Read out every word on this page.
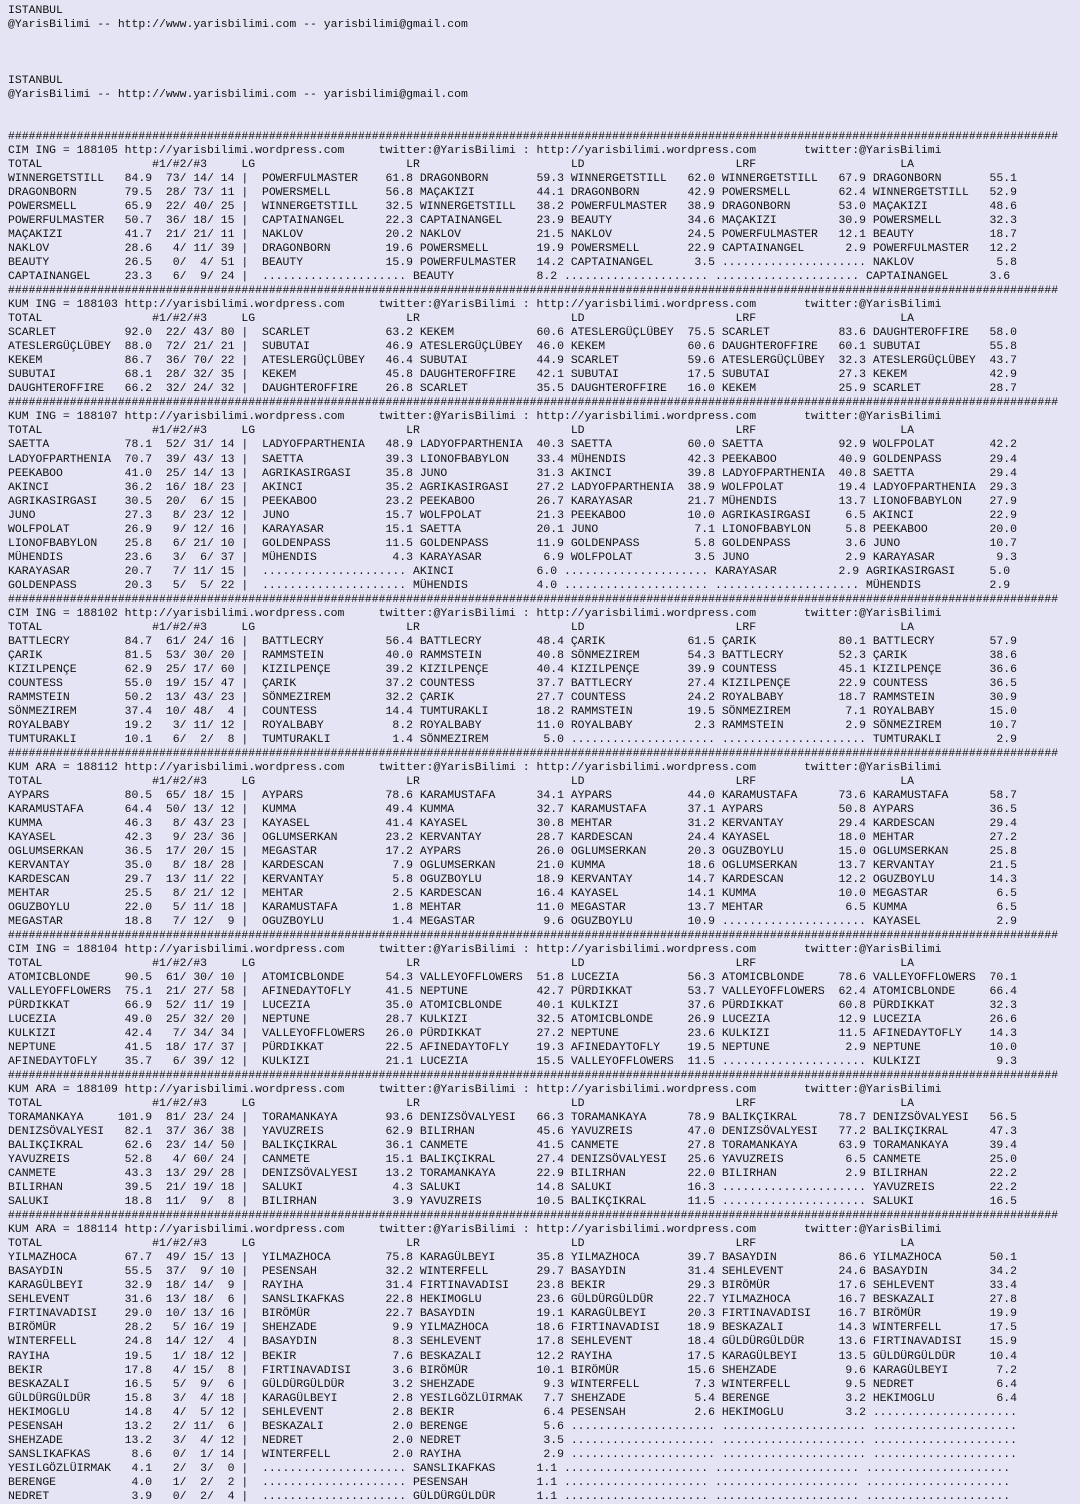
ISTANBUL
@YarisBilimi -- http://www.yarisbilimi.com -- yarisbilimi@gmail.com

ISTANBUL
@YarisBilimi -- http://www.yarisbilimi.com -- yarisbilimi@gmail.com

#########################################################################################################################################################
CIM ING = 188105 http://yarisbilimi.wordpress.com     twitter:@YarisBilimi : http://yarisbilimi.wordpress.com       twitter:@YarisBilimi
TOTAL                #1/#2/#3     LG                      LR                      LD                      LRF                     LA
WINNERGETSTILL   84.9  73/ 14/ 14 |  POWERFULMASTER    61.8 DRAGONBORN       59.3 WINNERGETSTILL   62.0 WINNERGETSTILL   67.9 DRAGONBORN       55.1
DRAGONBORN       79.5  28/ 73/ 11 |  POWERSMELL        56.8 MAÇAKIZI         44.1 DRAGONBORN       42.9 POWERSMELL       62.4 WINNERGETSTILL   52.9
POWERSMELL       65.9  22/ 40/ 25 |  WINNERGETSTILL    32.5 WINNERGETSTILL   38.2 POWERFULMASTER   38.9 DRAGONBORN       53.0 MAÇAKIZI         48.6
POWERFULMASTER   50.7  36/ 18/ 15 |  CAPTAINANGEL      22.3 CAPTAINANGEL     23.9 BEAUTY           34.6 MAÇAKIZI         30.9 POWERSMELL       32.3
MAÇAKIZI         41.7  21/ 21/ 11 |  NAKLOV            20.2 NAKLOV           21.5 NAKLOV           24.5 POWERFULMASTER   12.1 BEAUTY           18.7
NAKLOV           28.6   4/ 11/ 39 |  DRAGONBORN        19.6 POWERSMELL       19.9 POWERSMELL       22.9 CAPTAINANGEL      2.9 POWERFULMASTER   12.2
BEAUTY           26.5   0/  4/ 51 |  BEAUTY            15.9 POWERFULMASTER   14.2 CAPTAINANGEL      3.5 ..................... NAKLOV            5.8
CAPTAINANGEL     23.3   6/  9/ 24 |  ..................... BEAUTY            8.2 ..................... ..................... CAPTAINANGEL      3.6
#########################################################################################################################################################
KUM ING = 188103 http://yarisbilimi.wordpress.com     twitter:@YarisBilimi : http://yarisbilimi.wordpress.com       twitter:@YarisBilimi
TOTAL                #1/#2/#3     LG                      LR                      LD                      LRF                     LA
SCARLET          92.0  22/ 43/ 80 |  SCARLET           63.2 KEKEM            60.6 ATESLERGÜÇLÜBEY  75.5 SCARLET          83.6 DAUGHTEROFFIRE   58.0
ATESLERGÜÇLÜBEY  88.0  72/ 21/ 21 |  SUBUTAI           46.9 ATESLERGÜÇLÜBEY  46.0 KEKEM            60.6 DAUGHTEROFFIRE   60.1 SUBUTAI          55.8
KEKEM            86.7  36/ 70/ 22 |  ATESLERGÜÇLÜBEY   46.4 SUBUTAI          44.9 SCARLET          59.6 ATESLERGÜÇLÜBEY  32.3 ATESLERGÜÇLÜBEY  43.7
SUBUTAI          68.1  28/ 32/ 35 |  KEKEM             45.8 DAUGHTEROFFIRE   42.1 SUBUTAI          17.5 SUBUTAI          27.3 KEKEM            42.9
DAUGHTEROFFIRE   66.2  32/ 24/ 32 |  DAUGHTEROFFIRE    26.8 SCARLET          35.5 DAUGHTEROFFIRE   16.0 KEKEM            25.9 SCARLET          28.7
#########################################################################################################################################################
KUM ING = 188107 http://yarisbilimi.wordpress.com     twitter:@YarisBilimi : http://yarisbilimi.wordpress.com       twitter:@YarisBilimi
TOTAL                #1/#2/#3     LG                      LR                      LD                      LRF                     LA
SAETTA           78.1  52/ 31/ 14 |  LADYOFPARTHENIA   48.9 LADYOFPARTHENIA  40.3 SAETTA           60.0 SAETTA           92.9 WOLFPOLAT        42.2
LADYOFPARTHENIA  70.7  39/ 43/ 13 |  SAETTA            39.3 LIONOFBABYLON    33.4 MÜHENDIS         42.3 PEEKABOO         40.9 GOLDENPASS       29.4
PEEKABOO         41.0  25/ 14/ 13 |  AGRIKASIRGASI     35.8 JUNO             31.3 AKINCI           39.8 LADYOFPARTHENIA  40.8 SAETTA           29.4
AKINCI           36.2  16/ 18/ 23 |  AKINCI            35.2 AGRIKASIRGASI    27.2 LADYOFPARTHENIA  38.9 WOLFPOLAT        19.4 LADYOFPARTHENIA  29.3
AGRIKASIRGASI    30.5  20/  6/ 15 |  PEEKABOO          23.2 PEEKABOO         26.7 KARAYASAR        21.7 MÜHENDIS         13.7 LIONOFBABYLON    27.9
JUNO             27.3   8/ 23/ 12 |  JUNO              15.7 WOLFPOLAT        21.3 PEEKABOO         10.0 AGRIKASIRGASI     6.5 AKINCI           22.9
WOLFPOLAT        26.9   9/ 12/ 16 |  KARAYASAR         15.1 SAETTA           20.1 JUNO              7.1 LIONOFBABYLON     5.8 PEEKABOO         20.0
LIONOFBABYLON    25.8   6/ 21/ 10 |  GOLDENPASS        11.5 GOLDENPASS       11.9 GOLDENPASS        5.8 GOLDENPASS        3.6 JUNO             10.7
MÜHENDIS         23.6   3/  6/ 37 |  MÜHENDIS           4.3 KARAYASAR         6.9 WOLFPOLAT         3.5 JUNO              2.9 KARAYASAR         9.3
KARAYASAR        20.7   7/ 11/ 15 |  ..................... AKINCI            6.0 ..................... KARAYASAR         2.9 AGRIKASIRGASI     5.0
GOLDENPASS       20.3   5/  5/ 22 |  ..................... MÜHENDIS          4.0 ..................... ..................... MÜHENDIS          2.9
#########################################################################################################################################################
CIM ING = 188102 http://yarisbilimi.wordpress.com     twitter:@YarisBilimi : http://yarisbilimi.wordpress.com       twitter:@YarisBilimi
TOTAL                #1/#2/#3     LG                      LR                      LD                      LRF                     LA
BATTLECRY        84.7  61/ 24/ 16 |  BATTLECRY         56.4 BATTLECRY        48.4 ÇARIK            61.5 ÇARIK            80.1 BATTLECRY        57.9
ÇARIK            81.5  53/ 30/ 20 |  RAMMSTEIN         40.0 RAMMSTEIN        40.8 SÖNMEZIREM       54.3 BATTLECRY        52.3 ÇARIK            38.6
KIZILPENÇE       62.9  25/ 17/ 60 |  KIZILPENÇE        39.2 KIZILPENÇE       40.4 KIZILPENÇE       39.9 COUNTESS         45.1 KIZILPENÇE       36.6
COUNTESS         55.0  19/ 15/ 47 |  ÇARIK             37.2 COUNTESS         37.7 BATTLECRY        27.4 KIZILPENÇE       22.9 COUNTESS         36.5
RAMMSTEIN        50.2  13/ 43/ 23 |  SÖNMEZIREM        32.2 ÇARIK            27.7 COUNTESS         24.2 ROYALBABY        18.7 RAMMSTEIN        30.9
SÖNMEZIREM       37.4  10/ 48/  4 |  COUNTESS          14.4 TUMTURAKLI       18.2 RAMMSTEIN        19.5 SÖNMEZIREM        7.1 ROYALBABY        15.0
ROYALBABY        19.2   3/ 11/ 12 |  ROYALBABY          8.2 ROYALBABY        11.0 ROYALBABY         2.3 RAMMSTEIN         2.9 SÖNMEZIREM       10.7
TUMTURAKLI       10.1   6/  2/  8 |  TUMTURAKLI         1.4 SÖNMEZIREM        5.0 ..................... ..................... TUMTURAKLI        2.9
#########################################################################################################################################################
KUM ARA = 188112 http://yarisbilimi.wordpress.com     twitter:@YarisBilimi : http://yarisbilimi.wordpress.com       twitter:@YarisBilimi
TOTAL                #1/#2/#3     LG                      LR                      LD                      LRF                     LA
AYPARS           80.5  65/ 18/ 15 |  AYPARS            78.6 KARAMUSTAFA      34.1 AYPARS           44.0 KARAMUSTAFA      73.6 KARAMUSTAFA      58.7
KARAMUSTAFA      64.4  50/ 13/ 12 |  KUMMA             49.4 KUMMA            32.7 KARAMUSTAFA      37.1 AYPARS           50.8 AYPARS           36.5
KUMMA            46.3   8/ 43/ 23 |  KAYASEL           41.4 KAYASEL          30.8 MEHTAR           31.2 KERVANTAY        29.4 KARDESCAN        29.4
KAYASEL          42.3   9/ 23/ 36 |  OGLUMSERKAN       23.2 KERVANTAY        28.7 KARDESCAN        24.4 KAYASEL          18.0 MEHTAR           27.2
OGLUMSERKAN      36.5  17/ 20/ 15 |  MEGASTAR          17.2 AYPARS           26.0 OGLUMSERKAN      20.3 OGUZBOYLU        15.0 OGLUMSERKAN      25.8
KERVANTAY        35.0   8/ 18/ 28 |  KARDESCAN          7.9 OGLUMSERKAN      21.0 KUMMA            18.6 OGLUMSERKAN      13.7 KERVANTAY        21.5
KARDESCAN        29.7  13/ 11/ 22 |  KERVANTAY          5.8 OGUZBOYLU        18.9 KERVANTAY        14.7 KARDESCAN        12.2 OGUZBOYLU        14.3
MEHTAR           25.5   8/ 21/ 12 |  MEHTAR             2.5 KARDESCAN        16.4 KAYASEL          14.1 KUMMA            10.0 MEGASTAR          6.5
OGUZBOYLU        22.0   5/ 11/ 18 |  KARAMUSTAFA        1.8 MEHTAR           11.0 MEGASTAR         13.7 MEHTAR            6.5 KUMMA             6.5
MEGASTAR         18.8   7/ 12/  9 |  OGUZBOYLU          1.4 MEGASTAR          9.6 OGUZBOYLU        10.9 ..................... KAYASEL           2.9
#########################################################################################################################################################
CIM ING = 188104 http://yarisbilimi.wordpress.com     twitter:@YarisBilimi : http://yarisbilimi.wordpress.com       twitter:@YarisBilimi
TOTAL                #1/#2/#3     LG                      LR                      LD                      LRF                     LA
ATOMICBLONDE     90.5  61/ 30/ 10 |  ATOMICBLONDE      54.3 VALLEYOFFLOWERS  51.8 LUCEZIA          56.3 ATOMICBLONDE     78.6 VALLEYOFFLOWERS  70.1
VALLEYOFFLOWERS  75.1  21/ 27/ 58 |  AFINEDAYTOFLY     41.5 NEPTUNE          42.7 PÜRDIKKAT        53.7 VALLEYOFFLOWERS  62.4 ATOMICBLONDE     66.4
PÜRDIKKAT        66.9  52/ 11/ 19 |  LUCEZIA           35.0 ATOMICBLONDE     40.1 KULKIZI          37.6 PÜRDIKKAT        60.8 PÜRDIKKAT        32.3
LUCEZIA          49.0  25/ 32/ 20 |  NEPTUNE           28.7 KULKIZI          32.5 ATOMICBLONDE     26.9 LUCEZIA          12.9 LUCEZIA          26.6
KULKIZI          42.4   7/ 34/ 34 |  VALLEYOFFLOWERS   26.0 PÜRDIKKAT        27.2 NEPTUNE          23.6 KULKIZI          11.5 AFINEDAYTOFLY    14.3
NEPTUNE          41.5  18/ 17/ 37 |  PÜRDIKKAT         22.5 AFINEDAYTOFLY    19.3 AFINEDAYTOFLY    19.5 NEPTUNE           2.9 NEPTUNE          10.0
AFINEDAYTOFLY    35.7   6/ 39/ 12 |  KULKIZI           21.1 LUCEZIA          15.5 VALLEYOFFLOWERS  11.5 ..................... KULKIZI           9.3
#########################################################################################################################################################
KUM ARA = 188109 http://yarisbilimi.wordpress.com     twitter:@YarisBilimi : http://yarisbilimi.wordpress.com       twitter:@YarisBilimi
TOTAL                #1/#2/#3     LG                      LR                      LD                      LRF                     LA
TORAMANKAYA     101.9  81/ 23/ 24 |  TORAMANKAYA       93.6 DENIZSÖVALYESI   66.3 TORAMANKAYA      78.9 BALIKÇIKRAL      78.7 DENIZSÖVALYESI   56.5
DENIZSÖVALYESI   82.1  37/ 36/ 38 |  YAVUZREIS         62.9 BILIRHAN         45.6 YAVUZREIS        47.0 DENIZSÖVALYESI   77.2 BALIKÇIKRAL      47.3
BALIKÇIKRAL      62.6  23/ 14/ 50 |  BALIKÇIKRAL       36.1 CANMETE          41.5 CANMETE          27.8 TORAMANKAYA      63.9 TORAMANKAYA      39.4
YAVUZREIS        52.8   4/ 60/ 24 |  CANMETE           15.1 BALIKÇIKRAL      27.4 DENIZSÖVALYESI   25.6 YAVUZREIS         6.5 CANMETE          25.0
CANMETE          43.3  13/ 29/ 28 |  DENIZSÖVALYESI    13.2 TORAMANKAYA      22.9 BILIRHAN         22.0 BILIRHAN          2.9 BILIRHAN         22.2
BILIRHAN         39.5  21/ 19/ 18 |  SALUKI             4.3 SALUKI           14.8 SALUKI           16.3 ..................... YAVUZREIS        22.2
SALUKI           18.8  11/  9/  8 |  BILIRHAN           3.9 YAVUZREIS        10.5 BALIKÇIKRAL      11.5 ..................... SALUKI           16.5
#########################################################################################################################################################
KUM ARA = 188114 http://yarisbilimi.wordpress.com     twitter:@YarisBilimi : http://yarisbilimi.wordpress.com       twitter:@YarisBilimi
TOTAL                #1/#2/#3     LG                      LR                      LD                      LRF                     LA
YILMAZHOCA       67.7  49/ 15/ 13 |  YILMAZHOCA        75.8 KARAGÜLBEYI      35.8 YILMAZHOCA       39.7 BASAYDIN         86.6 YILMAZHOCA       50.1
BASAYDIN         55.5  37/  9/ 10 |  PESENSAH          32.2 WINTERFELL       29.7 BASAYDIN         31.4 SEHLEVENT        24.6 BASAYDIN         34.2
KARAGÜLBEYI      32.9  18/ 14/  9 |  RAYIHA            31.4 FIRTINAVADISI    23.8 BEKIR            29.3 BIRÖMÜR          17.6 SEHLEVENT        33.4
SEHLEVENT        31.6  13/ 18/  6 |  SANSLIKAFKAS      22.8 HEKIMOGLU        23.6 GÜLDÜRGÜLDÜR     22.7 YILMAZHOCA       16.7 BESKAZALI        27.8
FIRTINAVADISI    29.0  10/ 13/ 16 |  BIRÖMÜR           22.7 BASAYDIN         19.1 KARAGÜLBEYI      20.3 FIRTINAVADISI    16.7 BIRÖMÜR          19.9
BIRÖMÜR          28.2   5/ 16/ 19 |  SHEHZADE           9.9 YILMAZHOCA       18.6 FIRTINAVADISI    18.9 BESKAZALI        14.3 WINTERFELL       17.5
WINTERFELL       24.8  14/ 12/  4 |  BASAYDIN           8.3 SEHLEVENT        17.8 SEHLEVENT        18.4 GÜLDÜRGÜLDÜR     13.6 FIRTINAVADISI    15.9
RAYIHA           19.5   1/ 18/ 12 |  BEKIR              7.6 BESKAZALI        12.2 RAYIHA           17.5 KARAGÜLBEYI      13.5 GÜLDÜRGÜLDÜR     10.4
BEKIR            17.8   4/ 15/  8 |  FIRTINAVADISI      3.6 BIRÖMÜR          10.1 BIRÖMÜR          15.6 SHEHZADE          9.6 KARAGÜLBEYI       7.2
BESKAZALI        16.5   5/  9/  6 |  GÜLDÜRGÜLDÜR       3.2 SHEHZADE          9.3 WINTERFELL        7.3 WINTERFELL        9.5 NEDRET            6.4
GÜLDÜRGÜLDÜR     15.8   3/  4/ 18 |  KARAGÜLBEYI        2.8 YESILGÖZLÜIRMAK   7.7 SHEHZADE          5.4 BERENGE           3.2 HEKIMOGLU         6.4
HEKIMOGLU        14.8   4/  5/ 12 |  SEHLEVENT          2.8 BEKIR             6.4 PESENSAH          2.6 HEKIMOGLU         3.2 .....................
PESENSAH         13.2   2/ 11/  6 |  BESKAZALI          2.0 BERENGE           5.6 ..................... ..................... .....................
SHEHZADE         13.2   3/  4/ 12 |  NEDRET             2.0 NEDRET            3.5 ..................... ..................... .....................
SANSLIKAFKAS      8.6   0/  1/ 14 |  WINTERFELL         2.0 RAYIHA            2.9 ..................... ..................... .....................
YESILGÖZLÜIRMAK   4.1   2/  3/  0 |  ..................... SANSLIKAFKAS      1.1 ..................... ..................... .....................
BERENGE           4.0   1/  2/  2 |  ..................... PESENSAH          1.1 ..................... ..................... .....................
NEDRET            3.9   0/  2/  4 |  ..................... GÜLDÜRGÜLDÜR      1.1 ..................... ..................... .....................
